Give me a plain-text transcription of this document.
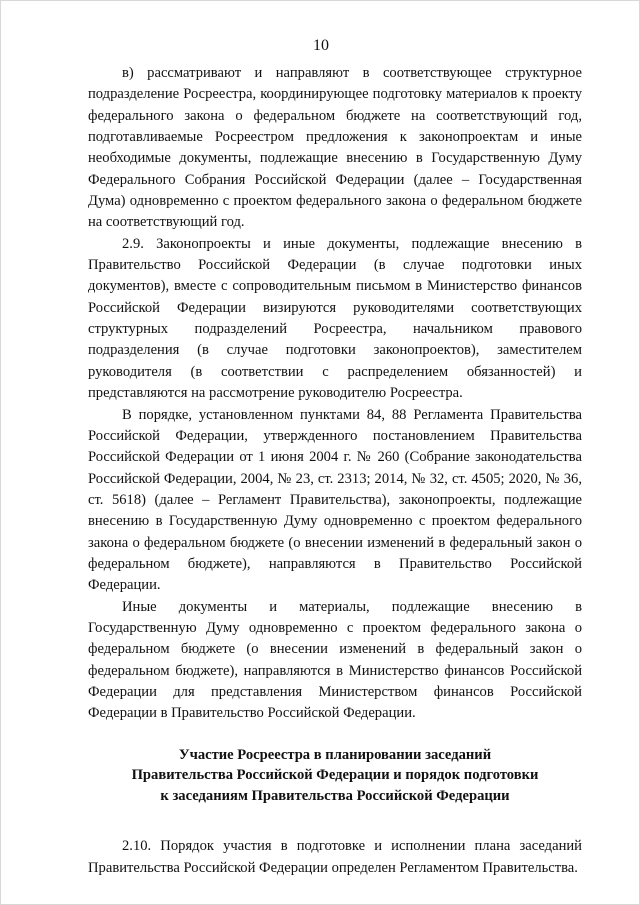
10

в) рассматривают и направляют в соответствующее структурное подразделение Росреестра, координирующее подготовку материалов к проекту федерального закона о федеральном бюджете на соответствующий год, подготавливаемые Росреестром предложения к законопроектам и иные необходимые документы, подлежащие внесению в Государственную Думу Федерального Собрания Российской Федерации (далее – Государственная Дума) одновременно с проектом федерального закона о федеральном бюджете на соответствующий год.

2.9. Законопроекты и иные документы, подлежащие внесению в Правительство Российской Федерации (в случае подготовки иных документов), вместе с сопроводительным письмом в Министерство финансов Российской Федерации визируются руководителями соответствующих структурных подразделений Росреестра, начальником правового подразделения (в случае подготовки законопроектов), заместителем руководителя (в соответствии с распределением обязанностей) и представляются на рассмотрение руководителю Росреестра.

В порядке, установленном пунктами 84, 88 Регламента Правительства Российской Федерации, утвержденного постановлением Правительства Российской Федерации от 1 июня 2004 г. № 260 (Собрание законодательства Российской Федерации, 2004, № 23, ст. 2313; 2014, № 32, ст. 4505; 2020, № 36, ст. 5618) (далее – Регламент Правительства), законопроекты, подлежащие внесению в Государственную Думу одновременно с проектом федерального закона о федеральном бюджете (о внесении изменений в федеральный закон о федеральном бюджете), направляются в Правительство Российской Федерации.

Иные документы и материалы, подлежащие внесению в Государственную Думу одновременно с проектом федерального закона о федеральном бюджете (о внесении изменений в федеральный закон о федеральном бюджете), направляются в Министерство финансов Российской Федерации для представления Министерством финансов Российской Федерации в Правительство Российской Федерации.

Участие Росреестра в планировании заседаний
Правительства Российской Федерации и порядок подготовки
к заседаниям Правительства Российской Федерации

2.10. Порядок участия в подготовке и исполнении плана заседаний Правительства Российской Федерации определен Регламентом Правительства.
